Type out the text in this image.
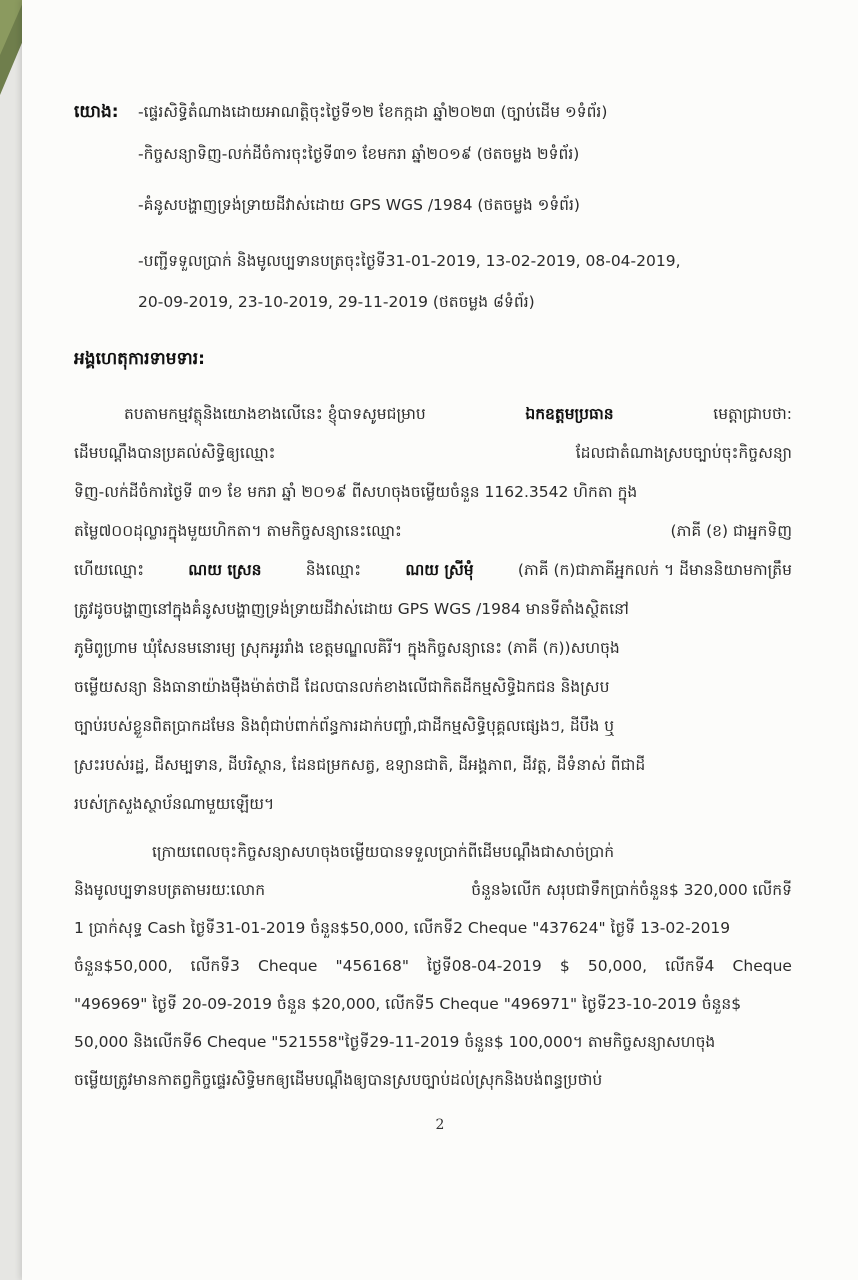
យោង: -ផ្ទេរសិទ្ធិតំណាងដោយអាណត្តិចុះថ្ងៃទី១២ ខែកក្កដា ឆ្នាំ២០២៣ (ច្បាប់ដើម ១ទំព័រ)
-កិច្ចសន្យាទិញ-លក់ដីចំការចុះថ្ងៃទី៣១ ខែមករា ឆ្នាំ២០១៩ (ថតចម្លង ២ទំព័រ)
-គំនូសបង្ហាញទ្រង់ទ្រាយដីវាស់ដោយ GPS WGS /1984 (ថតចម្លង ១ទំព័រ)
-បញ្ជីទទួលប្រាក់ និងមូលប្បទានបត្រចុះថ្ងៃទី31-01-2019, 13-02-2019, 08-04-2019,
20-09-2019, 23-10-2019, 29-11-2019 (ថតចម្លង ៨ទំព័រ)
អង្គហេតុការទាមទារ:
តបតាមកម្មវត្ថុនិងយោងខាងលើនេះ ខ្ញុំបាទសូមជម្រាប	ឯកឧត្តមប្រធាន	មេត្តាជ្រាបថា:
ដើមបណ្តឹងបានប្រគល់សិទ្ធិឲ្យឈ្មោះ	ដែលជាតំណាងស្របច្បាប់ចុះកិច្ចសន្យា
ទិញ-លក់ដីចំការថ្ងៃទី ៣១ ខែ មករា ឆ្នាំ ២០១៩ ពីសហចុងចម្លើយចំនួន 1162.3542 ហិកតា ក្នុង
តម្លៃ៧០០ដុល្លារក្នុងមួយហិកតា។ តាមកិច្ចសន្យានេះឈ្មោះ	(ភាគី (ខ) ជាអ្នកទិញ
ហើយឈ្មោះ	ណយ ស្រេន	និងឈ្មោះ	ណយ ស្រីមុំ	(ភាគី (ក)ជាភាគីអ្នកលក់ ។ ដីមាននិយាមកាត្រឹម
ត្រូវដូចបង្ហាញនៅក្នុងគំនូសបង្ហាញទ្រង់ទ្រាយដីវាស់ដោយ GPS WGS /1984 មានទីតាំងស្ថិតនៅ
ភូមិពូហ្រាម ឃុំសែនមនោរម្យ ស្រុកអូររាំង ខេត្តមណ្ឌលគិរី។ ក្នុងកិច្ចសន្យានេះ (ភាគី (ក))សហចុង
ចម្លើយសន្យា និងធានាយ៉ាងម៉ឺងម៉ាត់ថាដី ដែលបានលក់ខាងលើជាកិតដីកម្មសិទ្ធិឯកជន និងស្រប
ច្បាប់របស់ខ្លួនពិតប្រាកដមែន និងពុំជាប់ពាក់ព័ន្ធការដាក់បញ្ចាំ,ជាដីកម្មសិទ្ធិបុគ្គលផ្សេងៗ, ដីបឹង ឬ
ស្រះរបស់រដ្ឋ, ដីសម្បទាន, ដីបរិស្ថាន, ដែនជម្រកសត្វ, ឧទ្យានជាតិ, ដីអង្គភាព, ដីវត្ត, ដីទំនាស់ ពីជាដី
របស់ក្រសួងស្ថាប័នណាមួយឡើយ។
ក្រោយពេលចុះកិច្ចសន្យាសហចុងចម្លើយបានទទួលប្រាក់ពីដើមបណ្តឹងជាសាច់ប្រាក់
និងមូលប្បទានបត្រតាមរយៈលោក	ចំនួន៦លើក សរុបជាទឹកប្រាក់ចំនួន$ 320,000 លើកទី
1 ប្រាក់សុទ្ធ Cash ថ្ងៃទី31-01-2019 ចំនួន$50,000, លើកទី2 Cheque "437624" ថ្ងៃទី 13-02-2019
ចំនួន$50,000, លើកទី3 Cheque "456168" ថ្ងៃទី08-04-2019 $ 50,000, លើកទី4 Cheque
"496969" ថ្ងៃទី 20-09-2019 ចំនួន $20,000, លើកទី5 Cheque "496971" ថ្ងៃទី23-10-2019 ចំនួន$
50,000 និងលើកទី6 Cheque "521558"ថ្ងៃទី29-11-2019 ចំនួន$ 100,000។ តាមកិច្ចសន្យាសហចុង
ចម្លើយត្រូវមានកាតព្វកិច្ចផ្ទេរសិទ្ធិមកឲ្យដើមបណ្តឹងឲ្យបានស្របច្បាប់ដល់ស្រុកនិងបង់ពន្ធប្រថាប់
2
